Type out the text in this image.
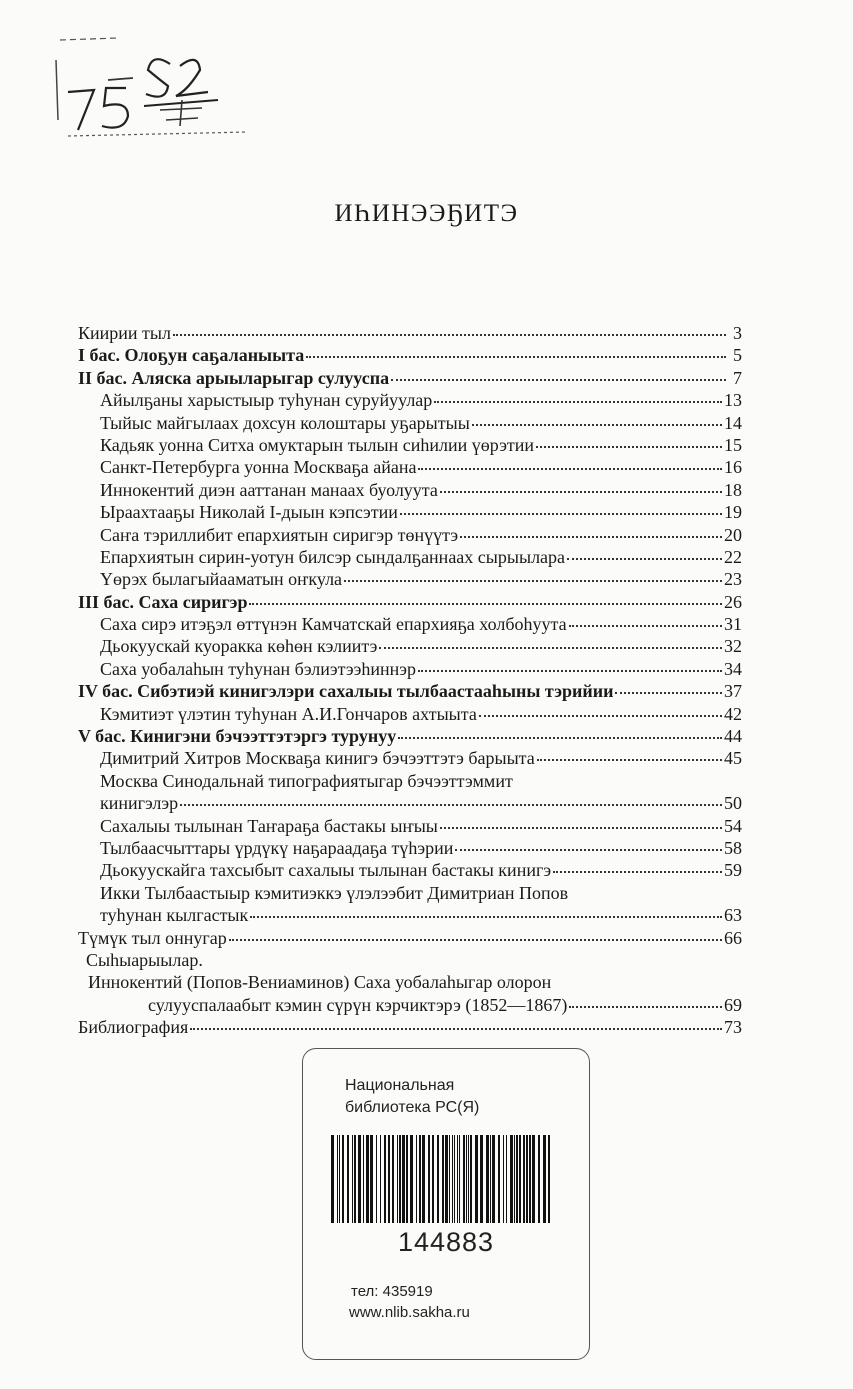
ИҺИНЭЭҔИТЭ
Киирии тыл	3
I бас. Олоҕун саҕаланыыта	5
II бас. Аляска арыыларыгар сулууспа	7
Айылҕаны харыстыыр туһунан суруйуулар	13
Тыйыс майгылаах дохсун колоштары уҕарытыы	14
Кадьяк уонна Ситха омуктарын тылын сиһилии үөрэтии	15
Санкт-Петербурга уонна Москваҕа айана	16
Иннокентий диэн ааттанан манаах буолуута	18
Ыраахтааҕы Николай I-дыын кэпсэтии	19
Саҥа тэриллибит епархиятын сиригэр төнүүтэ	20
Епархиятын сирин-уотун билсэр сындалҕаннаах сырыылара	22
Үөрэх былагыйааматын оҥкула	23
III бас. Саха сиригэр	26
Саха сирэ итэҕэл өттүнэн Камчатскай епархияҕа холбоһуута	31
Дьокуускай куоракка көһөн кэлиитэ	32
Саха уобалаһын туһунан бэлиэтээһиннэр	34
IV бас. Сибэтиэй кинигэлэри сахалыы тылбаастааһыны тэрийии	37
Кэмитиэт үлэтин туһунан А.И.Гончаров ахтыыта	42
V бас. Кинигэни бэчээттэтэргэ турунуу	44
Димитрий Хитров Москваҕа кинигэ бэчээттэтэ барыыта	45
Москва Синодальнай типографиятыгар бэчээттэммит
кинигэлэр	50
Сахалыы тылынан Таҥараҕа бастакы ыҥыы	54
Тылбаасчыттары үрдүкү наҕараадаҕа түһэрии	58
Дьокуускайга тахсыбыт сахалыы тылынан бастакы кинигэ	59
Икки Тылбаастыыр кэмитиэккэ үлэлээбит Димитриан Попов
туһунан кылгастык	63
Түмүк тыл оннугар	66
Сыһыарыылар.
Иннокентий (Попов-Вениаминов) Саха уобалаһыгар олорон
сулууспалаабыт кэмин сүрүн кэрчиктэрэ (1852—1867)	69
Библиография	73
Национальная
библиотека РС(Я)
144883
тел: 435919
www.nlib.sakha.ru
